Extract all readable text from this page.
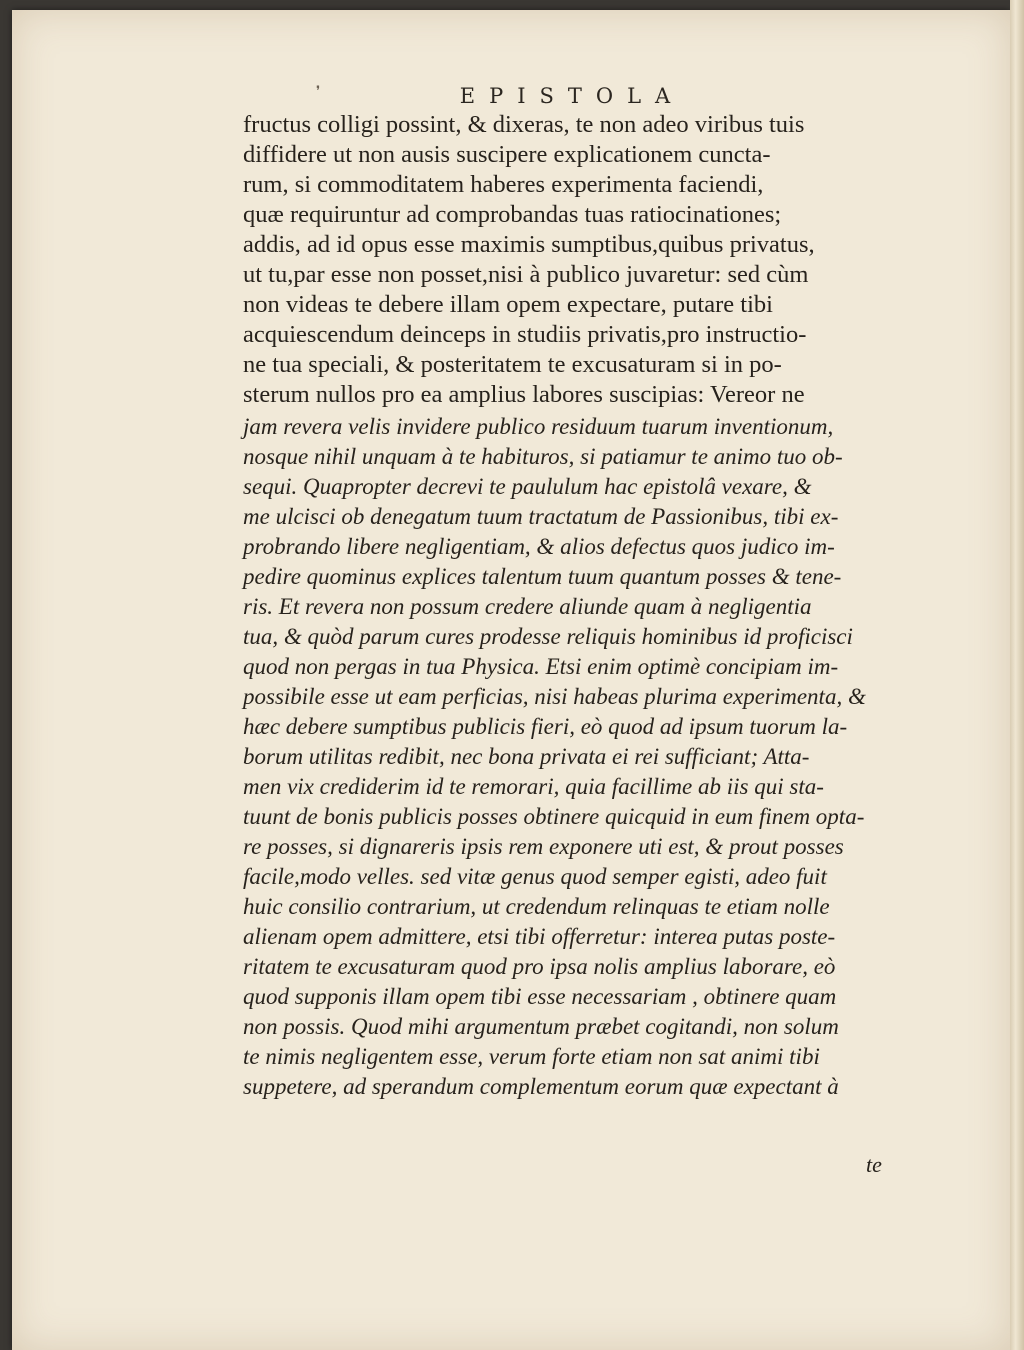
❜	EPISTOLA
fructus colligi possint, & dixeras, te non adeo viribus tuis
diffidere ut non ausis suscipere explicationem cuncta-
rum, si commoditatem haberes experimenta faciendi,
quæ requiruntur ad comprobandas tuas ratiocinationes;
addis, ad id opus esse maximis sumptibus,quibus privatus,
ut tu,par esse non posset,nisi à publico juvaretur: sed cùm
non videas te debere illam opem expectare, putare tibi
acquiescendum deinceps in studiis privatis,pro instructio-
ne tua speciali, & posteritatem te excusaturam si in po-
sterum nullos pro ea amplius labores suscipias: Vereor ne
jam revera velis invidere publico residuum tuarum inventionum,
nosque nihil unquam à te habituros, si patiamur te animo tuo ob-
sequi. Quapropter decrevi te paululum hac epistolâ vexare, &
me ulcisci ob denegatum tuum tractatum de Passionibus, tibi ex-
probrando libere negligentiam, & alios defectus quos judico im-
pedire quominus explices talentum tuum quantum posses & tene-
ris. Et revera non possum credere aliunde quam à negligentia
tua, & quòd parum cures prodesse reliquis hominibus id proficisci
quod non pergas in tua Physica. Etsi enim optimè concipiam im-
possibile esse ut eam perficias, nisi habeas plurima experimenta, &
hæc debere sumptibus publicis fieri, eò quod ad ipsum tuorum la-
borum utilitas redibit, nec bona privata ei rei sufficiant; Atta-
men vix crediderim id te remorari, quia facillime ab iis qui sta-
tuunt de bonis publicis posses obtinere quicquid in eum finem opta-
re posses, si dignareris ipsis rem exponere uti est, & prout posses
facile,modo velles. sed vitæ genus quod semper egisti, adeo fuit
huic consilio contrarium, ut credendum relinquas te etiam nolle
alienam opem admittere, etsi tibi offerretur: interea putas poste-
ritatem te excusaturam quod pro ipsa nolis amplius laborare, eò
quod supponis illam opem tibi esse necessariam , obtinere quam
non possis. Quod mihi argumentum præbet cogitandi, non solum
te nimis negligentem esse, verum forte etiam non sat animi tibi
suppetere, ad sperandum complementum eorum quæ expectant à
te
